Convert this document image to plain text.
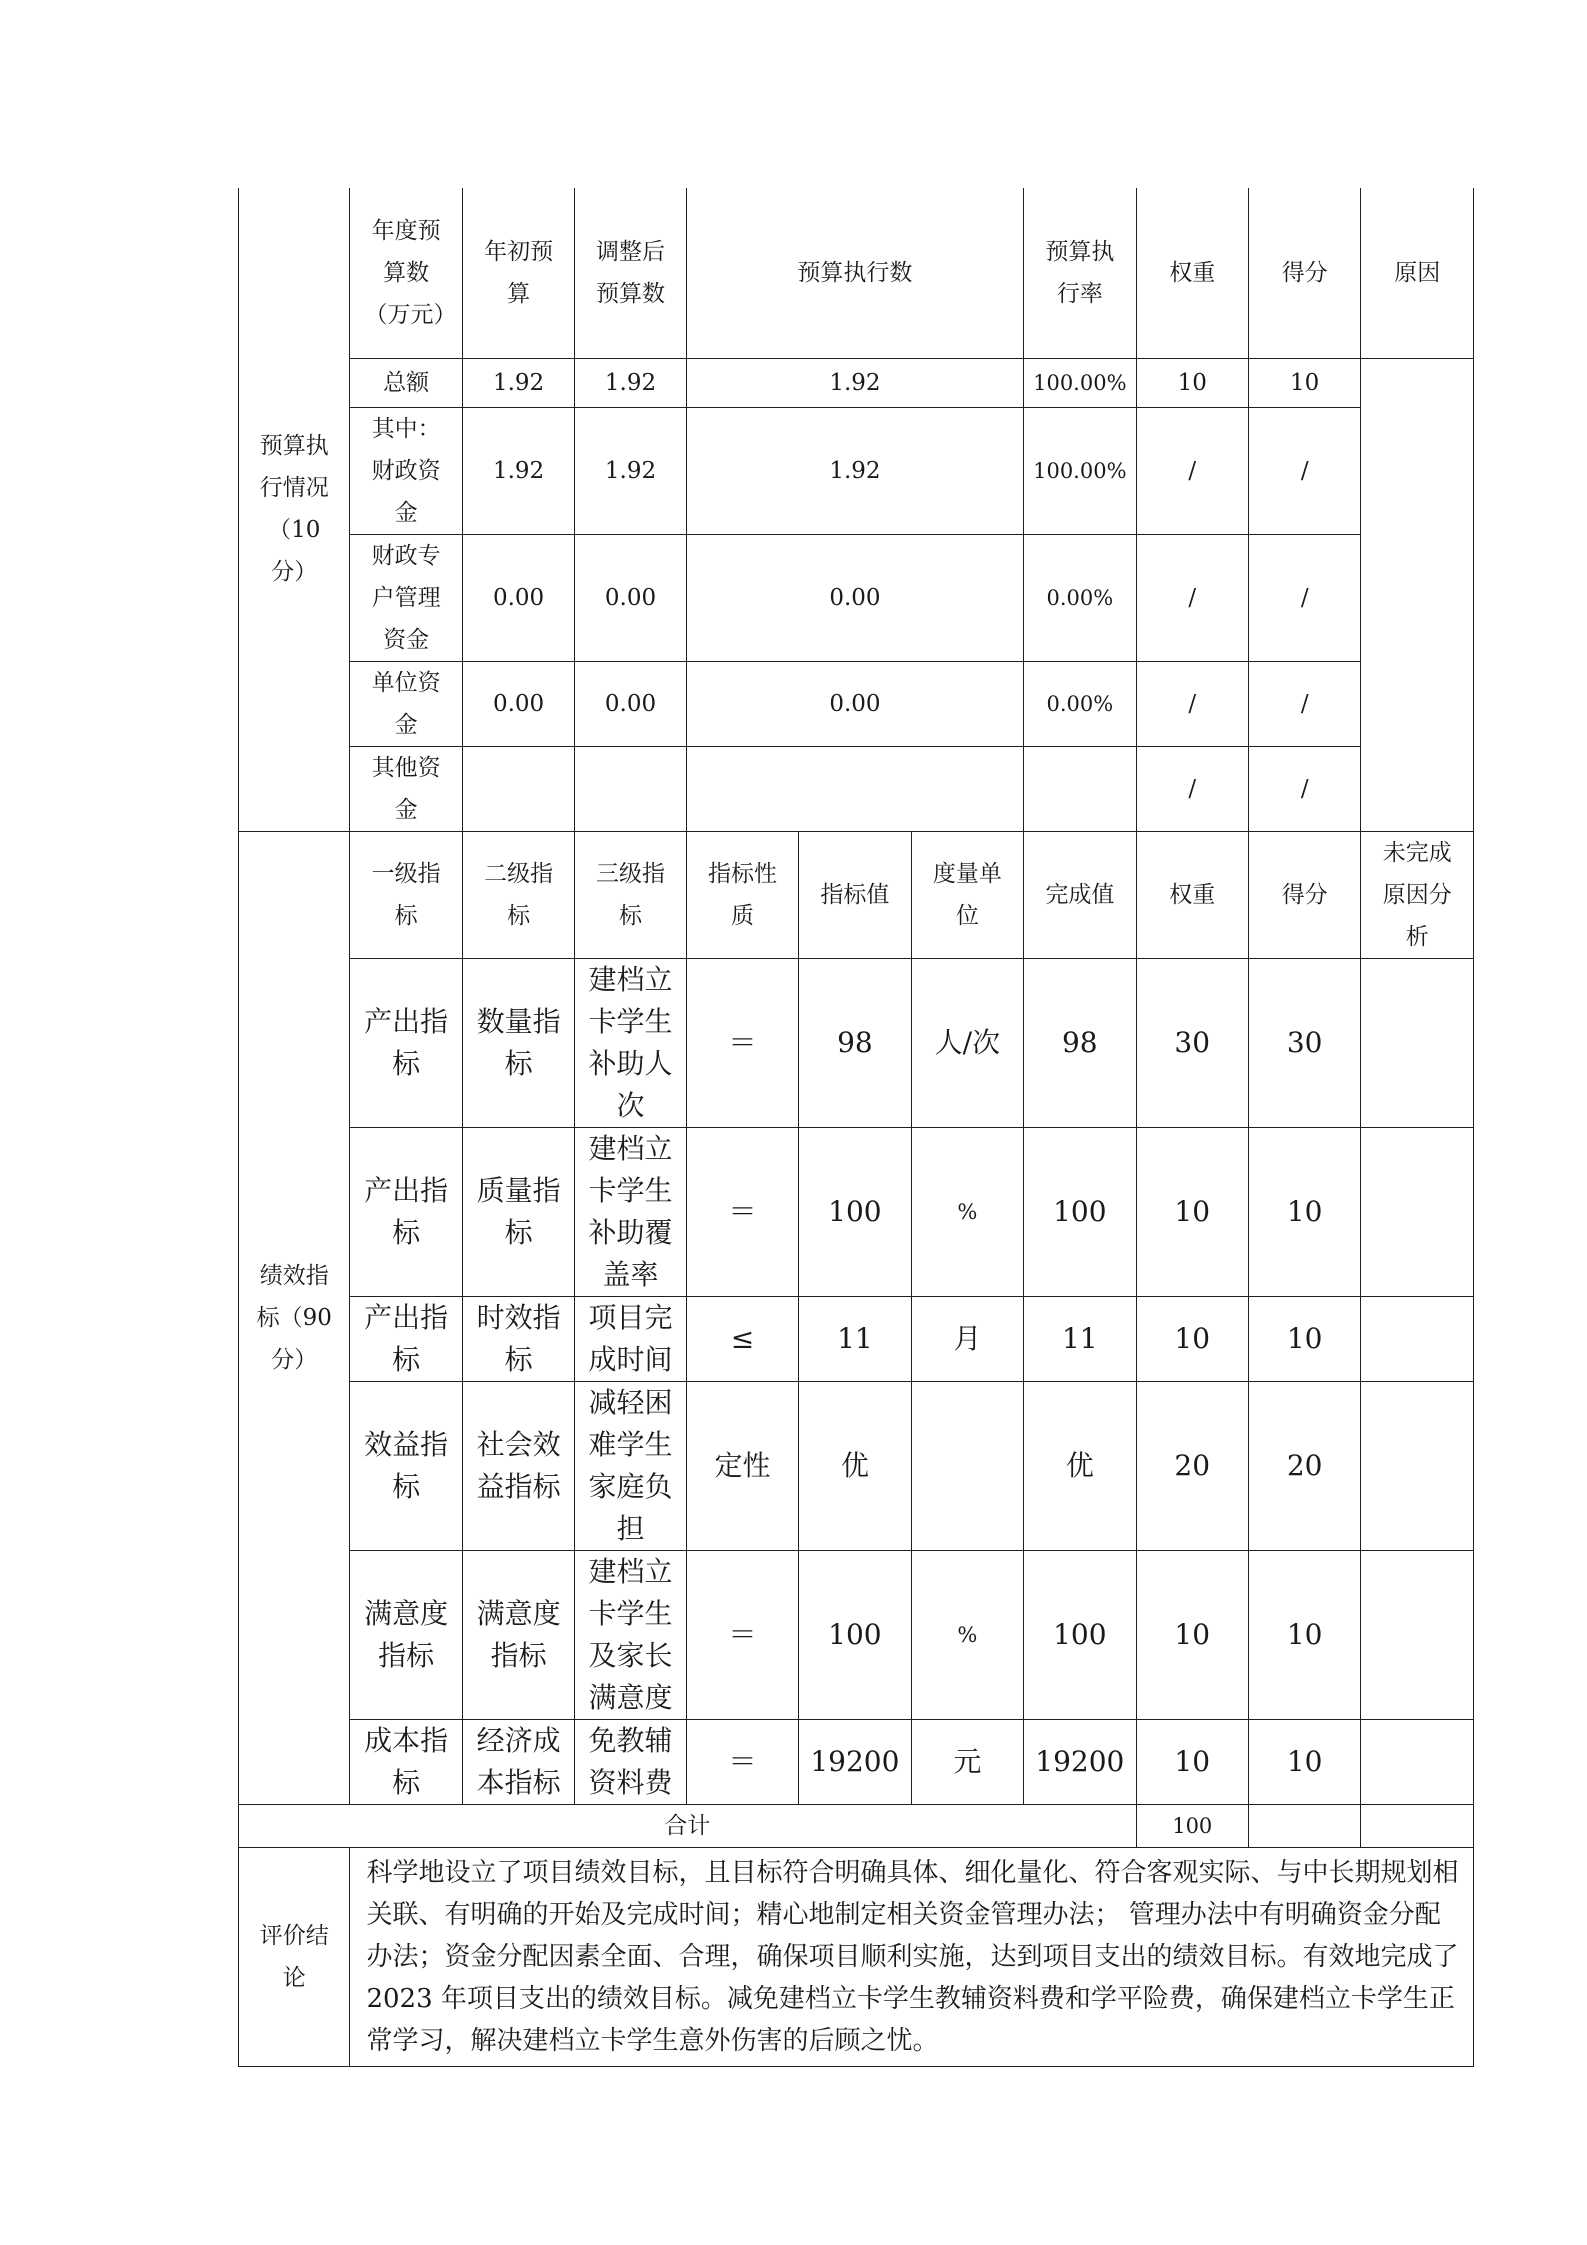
预算执行情况（10分）	年度预算数（万元）	年初预算	调整后预算数	预算执行数			预算执行率	权重	得分	原因
	总额	1.92	1.92	1.92			100.00%	10	10	
	其中：财政资金	1.92	1.92	1.92			100.00%	/	/	
	财政专户管理资金	0.00	0.00	0.00			0.00%	/	/	
	单位资金	0.00	0.00	0.00			0.00%	/	/	
	其他资金							/	/	
绩效指标（90分）	一级指标	二级指标	三级指标	指标性质	指标值	度量单位	完成值	权重	得分	未完成原因分析
	产出指标	数量指标	建档立卡学生补助人次	＝	98	人/次	98	30	30	
	产出指标	质量指标	建档立卡学生补助覆盖率	＝	100	%	100	10	10	
	产出指标	时效指标	项目完成时间	≤	11	月	11	10	10	
	效益指标	社会效益指标	减轻困难学生家庭负担	定性	优		优	20	20	
	满意度指标	满意度指标	建档立卡学生及家长满意度	＝	100	%	100	10	10	
	成本指标	经济成本指标	免教辅资料费	＝	19200	元	19200	10	10	
合计								100		
评价结论	科学地设立了项目绩效目标，且目标符合明确具体、细化量化、符合客观实际、与中长期规划相关联、有明确的开始及完成时间；精心地制定相关资金管理办法； 管理办法中有明确资金分配办法；资金分配因素全面、合理，确保项目顺利实施，达到项目支出的绩效目标。有效地完成了 2023 年项目支出的绩效目标。减免建档立卡学生教辅资料费和学平险费，确保建档立卡学生正常学习，解决建档立卡学生意外伤害的后顾之忧。									
